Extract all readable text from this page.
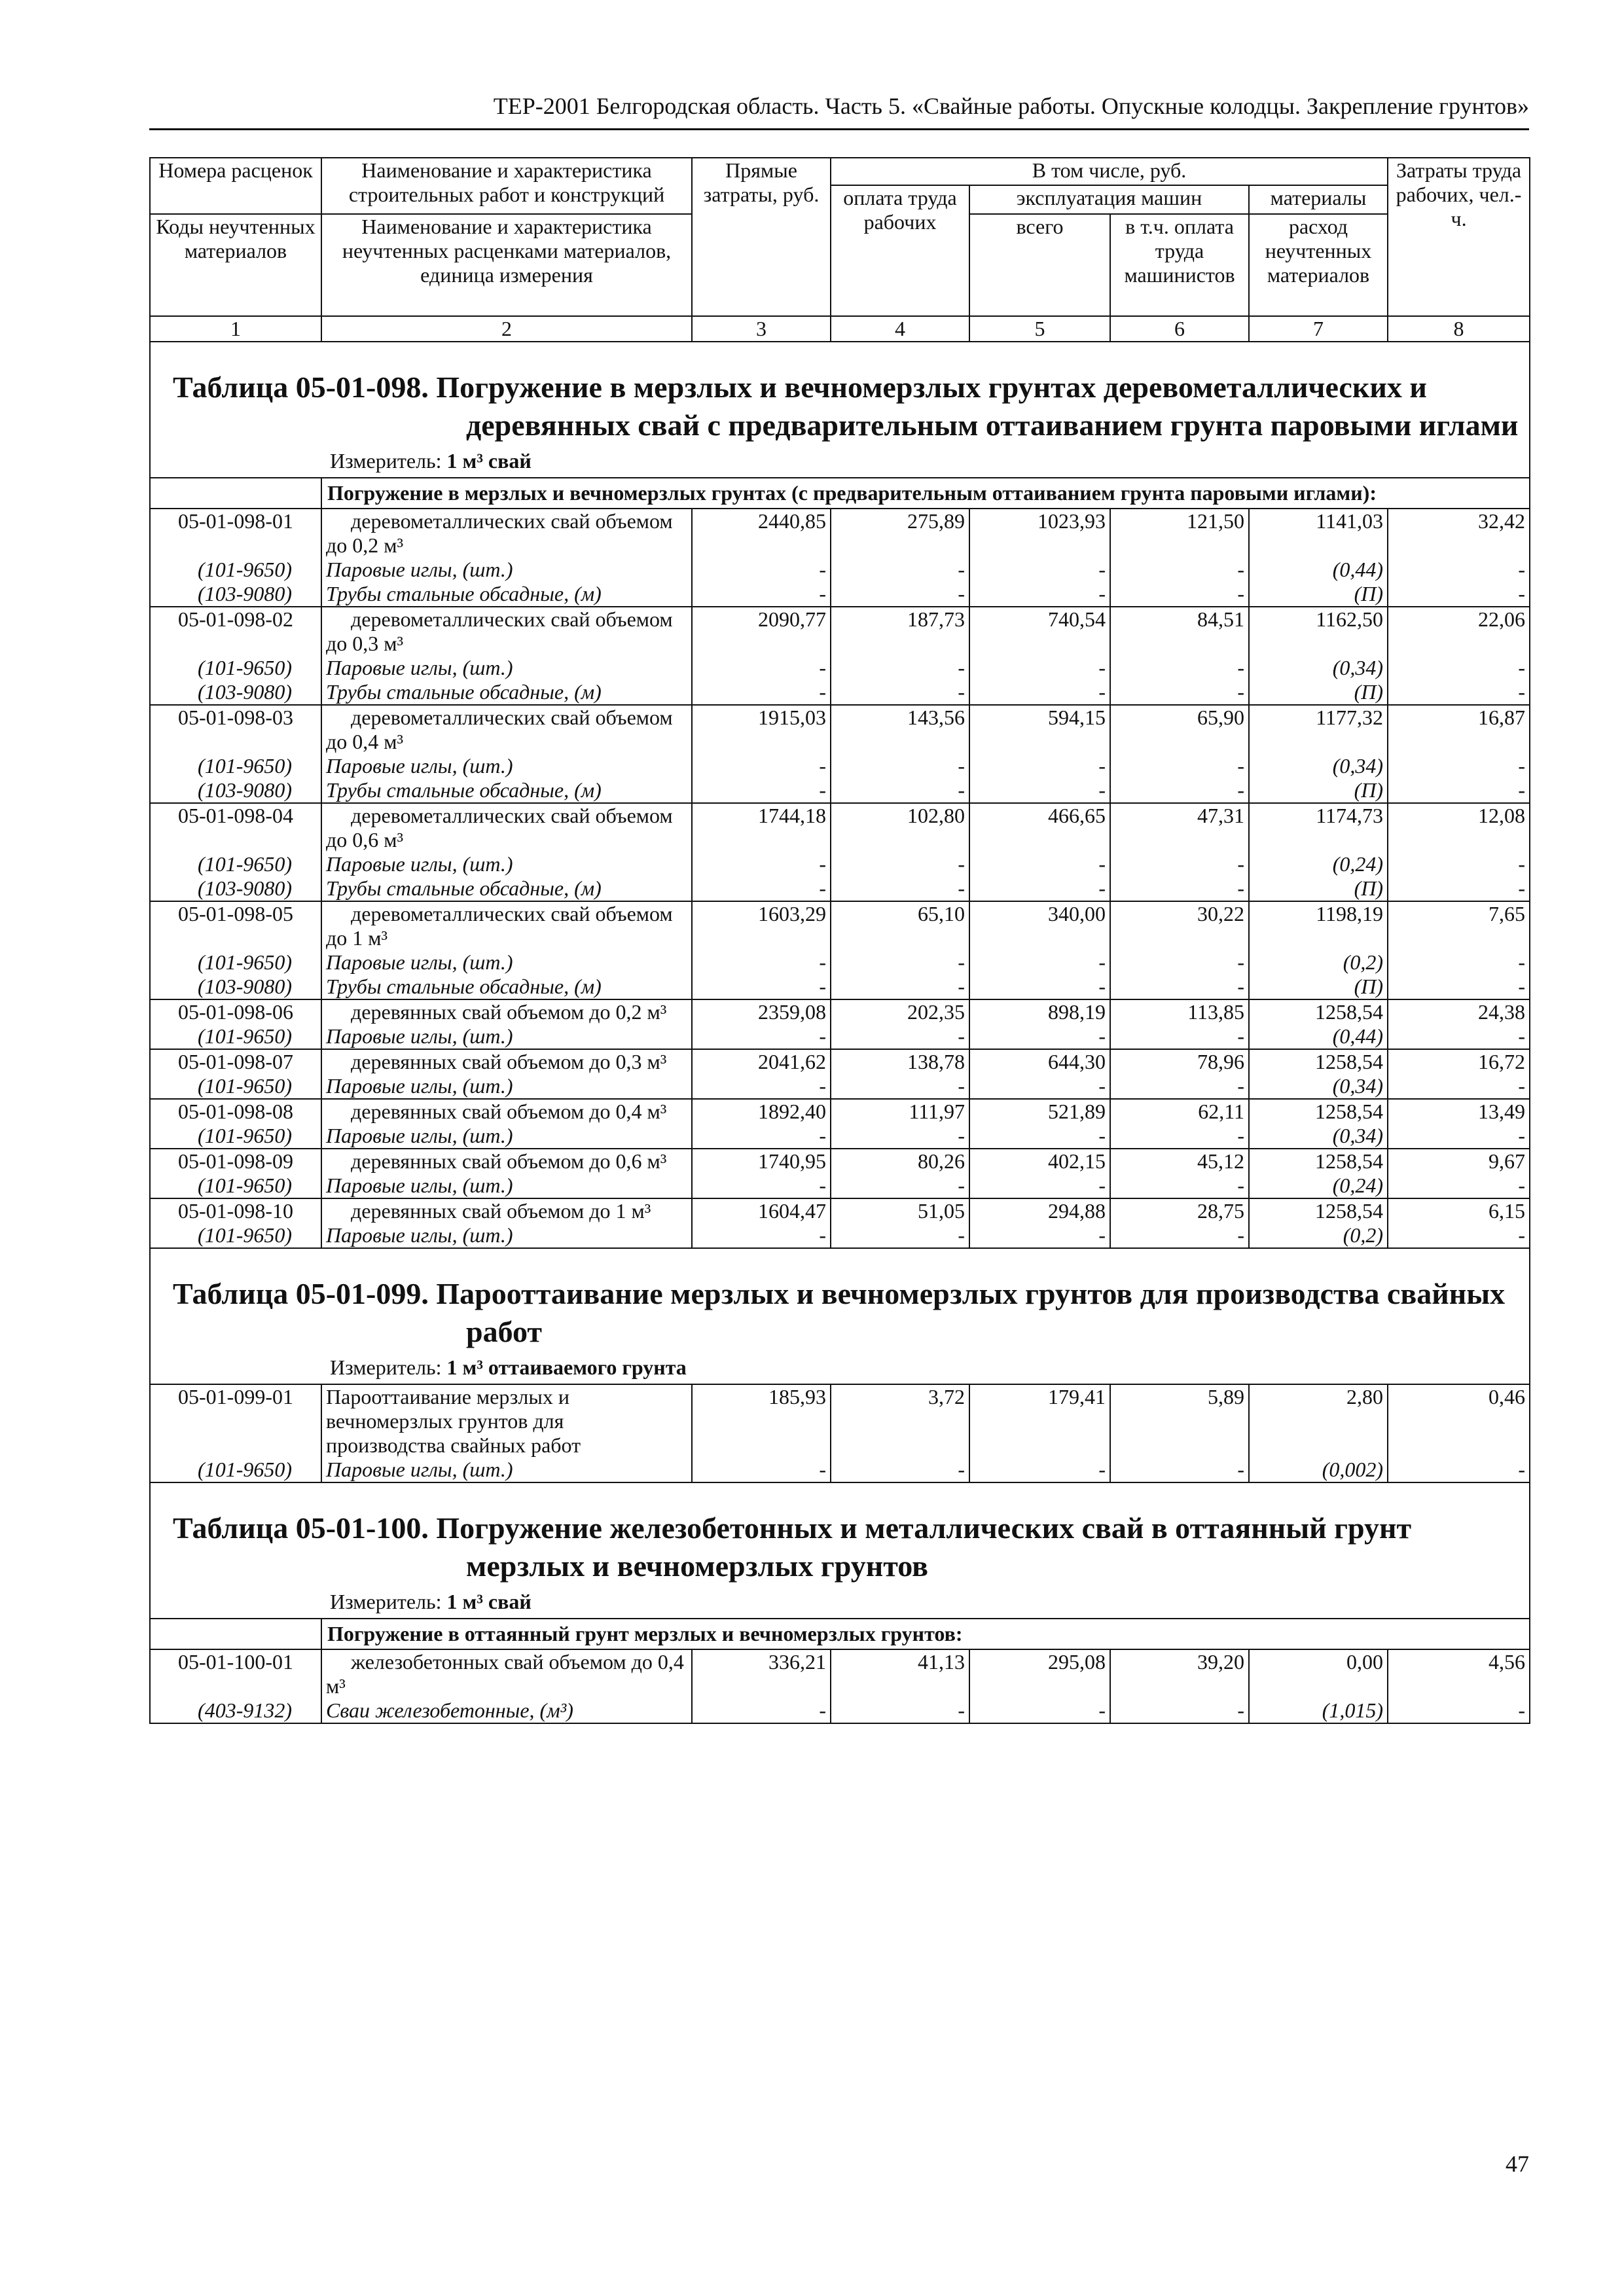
ТЕР-2001 Белгородская область. Часть 5. «Свайные работы. Опускные колодцы. Закрепление грунтов»
Номера расценок	Наименование и характеристика строительных работ и конструкций	Прямые затраты, руб.	В том числе, руб.				Затраты труда рабочих, чел.-ч.
			оплата труда рабочих	эксплуатация машин		материалы	
Коды неучтенных материалов	Наименование и характеристика неучтенных расценками материалов, единица измерения			всего	в т.ч. оплата труда машинистов	расход неучтенных материалов	
1	2	3	4	5	6	7	8

Таблица 05-01-098. Погружение в мерзлых и вечномерзлых грунтах деревометаллических и деревянных свай с предварительным оттаиванием грунта паровыми иглами
Измеритель: 1 м³ свай							

	Погружение в мерзлых и вечномерзлых грунтах (с предварительным оттаиванием грунта паровыми иглами):						
05-01-098-01	деревометаллических свай объемом до 0,2 м³	2440,85	275,89	1023,93	121,50	1141,03	32,42
(101-9650)	Паровые иглы, (шт.)	-	-	-	-	(0,44)	-
(103-9080)	Трубы стальные обсадные, (м)	-	-	-	-	(П)	-
05-01-098-02	деревометаллических свай объемом до 0,3 м³	2090,77	187,73	740,54	84,51	1162,50	22,06
(101-9650)	Паровые иглы, (шт.)	-	-	-	-	(0,34)	-
(103-9080)	Трубы стальные обсадные, (м)	-	-	-	-	(П)	-
05-01-098-03	деревометаллических свай объемом до 0,4 м³	1915,03	143,56	594,15	65,90	1177,32	16,87
(101-9650)	Паровые иглы, (шт.)	-	-	-	-	(0,34)	-
(103-9080)	Трубы стальные обсадные, (м)	-	-	-	-	(П)	-
05-01-098-04	деревометаллических свай объемом до 0,6 м³	1744,18	102,80	466,65	47,31	1174,73	12,08
(101-9650)	Паровые иглы, (шт.)	-	-	-	-	(0,24)	-
(103-9080)	Трубы стальные обсадные, (м)	-	-	-	-	(П)	-
05-01-098-05	деревометаллических свай объемом до 1 м³	1603,29	65,10	340,00	30,22	1198,19	7,65
(101-9650)	Паровые иглы, (шт.)	-	-	-	-	(0,2)	-
(103-9080)	Трубы стальные обсадные, (м)	-	-	-	-	(П)	-
05-01-098-06	деревянных свай объемом до 0,2 м³	2359,08	202,35	898,19	113,85	1258,54	24,38
(101-9650)	Паровые иглы, (шт.)	-	-	-	-	(0,44)	-
05-01-098-07	деревянных свай объемом до 0,3 м³	2041,62	138,78	644,30	78,96	1258,54	16,72
(101-9650)	Паровые иглы, (шт.)	-	-	-	-	(0,34)	-
05-01-098-08	деревянных свай объемом до 0,4 м³	1892,40	111,97	521,89	62,11	1258,54	13,49
(101-9650)	Паровые иглы, (шт.)	-	-	-	-	(0,34)	-
05-01-098-09	деревянных свай объемом до 0,6 м³	1740,95	80,26	402,15	45,12	1258,54	9,67
(101-9650)	Паровые иглы, (шт.)	-	-	-	-	(0,24)	-
05-01-098-10	деревянных свай объемом до 1 м³	1604,47	51,05	294,88	28,75	1258,54	6,15
(101-9650)	Паровые иглы, (шт.)	-	-	-	-	(0,2)	-

Таблица 05-01-099. Парооттаивание мерзлых и вечномерзлых грунтов для производства свайных работ
Измеритель: 1 м³ оттаиваемого грунта							

05-01-099-01	Парооттаивание мерзлых и вечномерзлых грунтов для производства свайных работ	185,93	3,72	179,41	5,89	2,80	0,46
(101-9650)	Паровые иглы, (шт.)	-	-	-	-	(0,002)	-

Таблица 05-01-100. Погружение железобетонных и металлических свай в оттаянный грунт мерзлых и вечномерзлых грунтов
Измеритель: 1 м³ свай							

	Погружение в оттаянный грунт мерзлых и вечномерзлых грунтов:						
05-01-100-01	железобетонных свай объемом до 0,4 м³	336,21	41,13	295,08	39,20	0,00	4,56
(403-9132)	Сваи железобетонные, (м³)	-	-	-	-	(1,015)	-
47
